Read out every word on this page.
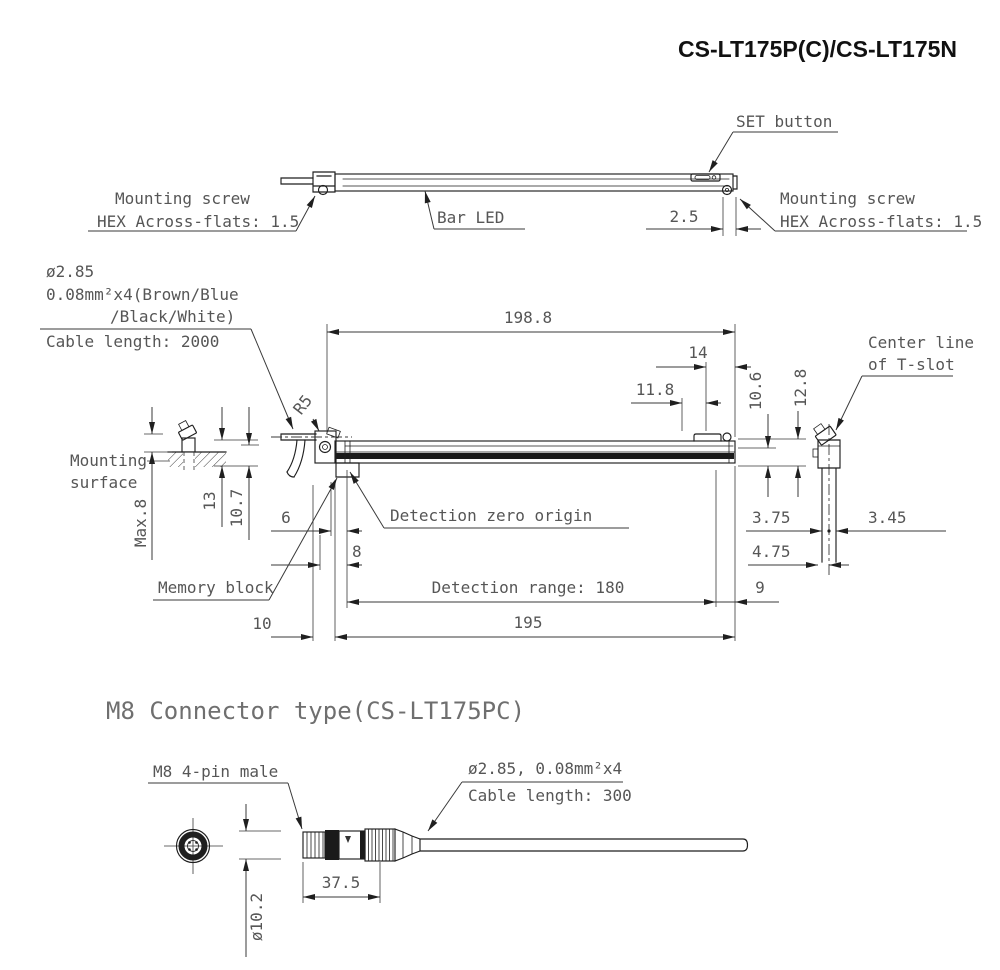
CS-LT175P(C)/CS-LT175N
SET button
Mounting screw
HEX Across-flats: 1.5	Bar LED	2.5
Mounting screw
HEX Across-flats: 1.5
ø2.85
0.08mm²x4(Brown/Blue
/Black/White)
Cable length: 2000
198.8
14
11.8	10.6 12.8
Center line
of T-slot
R5
Mounting
surface
Max.8	13 10.7 6
8
Detection zero origin	3.75	3.45
4.75
Memory block	Detection range: 180	9
10	195
M8 Connector type(CS-LT175PC)
M8 4-pin male	ø2.85, 0.08mm²x4
Cable length: 300
37.5
ø10.2
